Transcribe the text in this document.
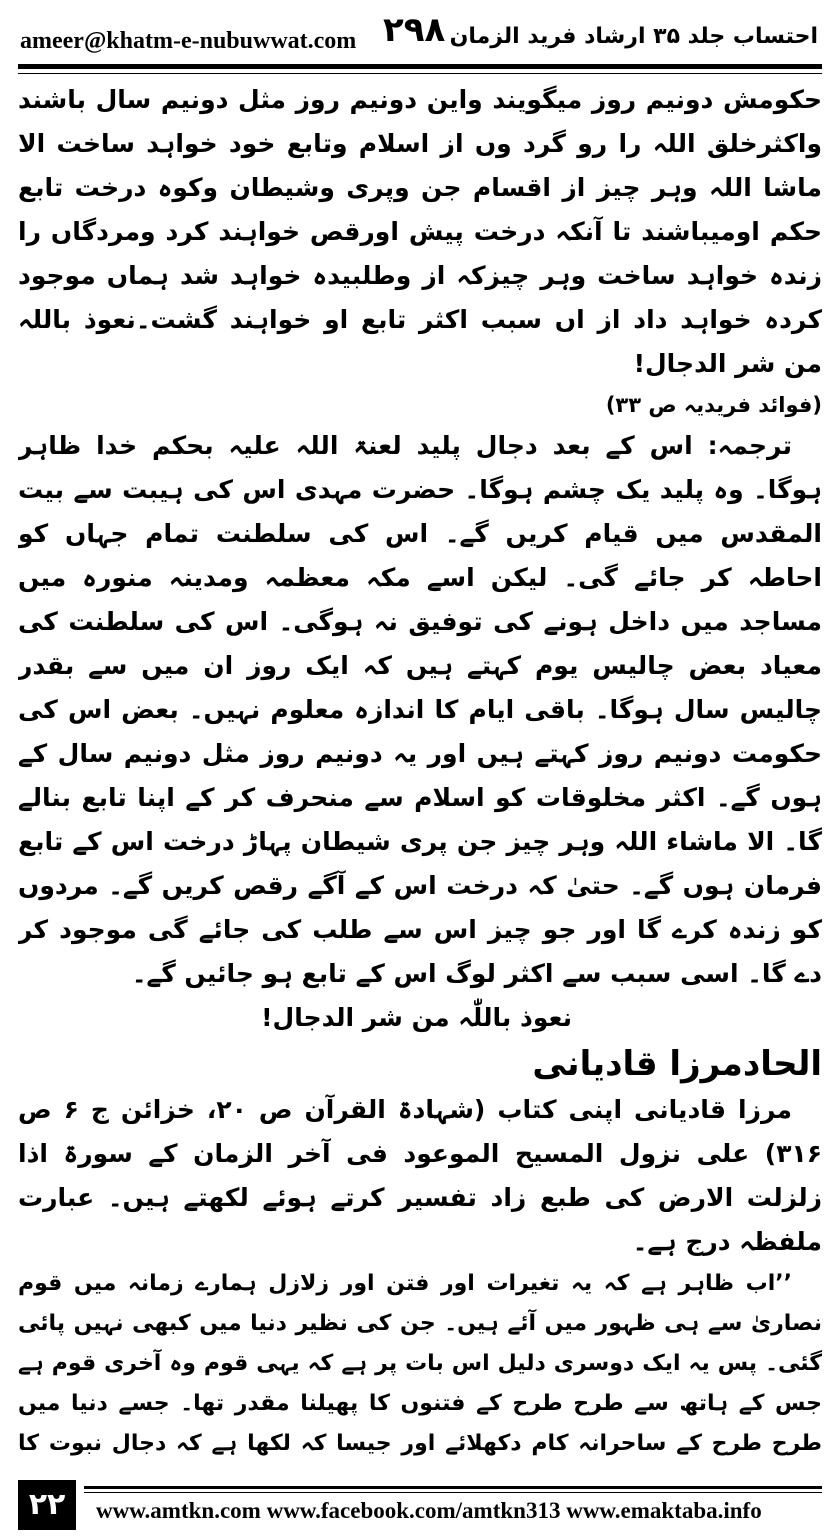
ameer@khatm-e-nubuwwat.com ۲۹۸ احتساب جلد ۳۵ ارشاد فرید الزمان

حکومش دونیم روز میگویند واین دونیم روز مثل دونیم سال باشند واکثرخلق اللہ را رو گرد وں از اسلام وتابع خود خواہد ساخت الا ماشا اللہ وہر چیز از اقسام جن وپری وشیطان وکوہ درخت تابع حکم اومیباشند تا آنکہ درخت پیش اورقص خواہند کرد ومردگاں را زندہ خواہد ساخت وہر چیزکہ از وطلبیدہ خواہد شد ہماں موجود کردہ خواہد داد از اں سبب اکثر تابع او خواہند گشت۔نعوذ باللہ من شر الدجال!

(فوائد فریدیہ ص ۳۳)

ترجمہ: اس کے بعد دجال پلید لعنۃ اللہ علیہ بحکم خدا ظاہر ہوگا۔ وہ پلید یک چشم ہوگا۔ حضرت مہدی اس کی ہیبت سے بیت المقدس میں قیام کریں گے۔ اس کی سلطنت تمام جہاں کو احاطہ کر جائے گی۔ لیکن اسے مکہ معظمہ ومدینہ منورہ میں مساجد میں داخل ہونے کی توفیق نہ ہوگی۔ اس کی سلطنت کی معیاد بعض چالیس یوم کہتے ہیں کہ ایک روز ان میں سے بقدر چالیس سال ہوگا۔ باقی ایام کا اندازہ معلوم نہیں۔ بعض اس کی حکومت دونیم روز کہتے ہیں اور یہ دونیم روز مثل دونیم سال کے ہوں گے۔ اکثر مخلوقات کو اسلام سے منحرف کر کے اپنا تابع بنالے گا۔ الا ماشاء اللہ وہر چیز جن پری شیطان پہاڑ درخت اس کے تابع فرمان ہوں گے۔ حتیٰ کہ درخت اس کے آگے رقص کریں گے۔ مردوں کو زندہ کرے گا اور جو چیز اس سے طلب کی جائے گی موجود کر دے گا۔ اسی سبب سے اکثر لوگ اس کے تابع ہو جائیں گے۔

نعوذ باللّٰہ من شر الدجال!

الحادمرزا قادیانی

مرزا قادیانی اپنی کتاب (شہادۃ القرآن ص ۲۰، خزائن ج ۶ ص ۳۱۶) علی نزول المسیح الموعود فی آخر الزمان کے سورۃ اذا زلزلت الارض کی طبع زاد تفسیر کرتے ہوئے لکھتے ہیں۔ عبارت ملفظہ درج ہے۔

’’اب ظاہر ہے کہ یہ تغیرات اور فتن اور زلازل ہمارے زمانہ میں قوم نصاریٰ سے ہی ظہور میں آئے ہیں۔ جن کی نظیر دنیا میں کبھی نہیں پائی گئی۔ پس یہ ایک دوسری دلیل اس بات پر ہے کہ یہی قوم وہ آخری قوم ہے جس کے ہاتھ سے طرح طرح کے فتنوں کا پھیلنا مقدر تھا۔ جسے دنیا میں طرح طرح کے ساحرانہ کام دکھلائے اور جیسا کہ لکھا ہے کہ دجال نبوت کا

۲۲	www.amtkn.com www.facebook.com/amtkn313 www.emaktaba.info
